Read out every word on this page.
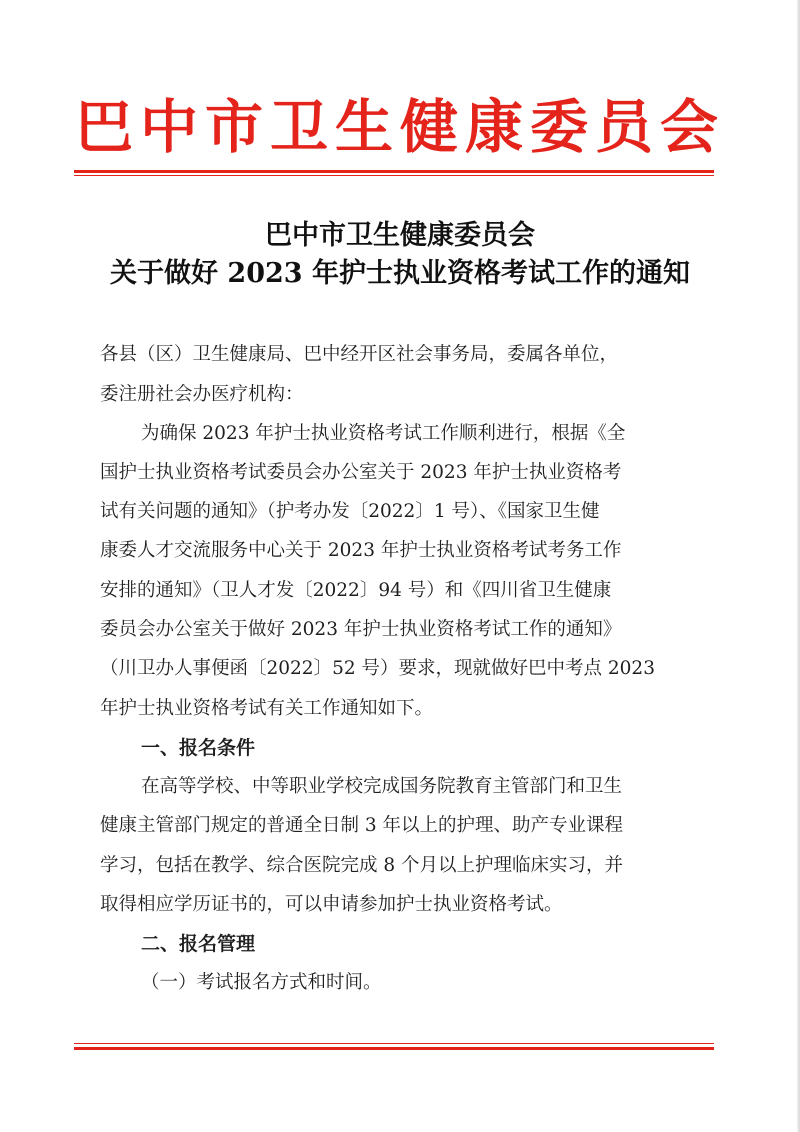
巴中市卫生健康委员会
巴中市卫生健康委员会
关于做好 2023 年护士执业资格考试工作的通知
各县（区）卫生健康局、巴中经开区社会事务局，委属各单位，
委注册社会办医疗机构：
为确保 2023 年护士执业资格考试工作顺利进行，根据《全
国护士执业资格考试委员会办公室关于 2023 年护士执业资格考
试有关问题的通知》（护考办发〔2022〕1 号）、《国家卫生健
康委人才交流服务中心关于 2023 年护士执业资格考试考务工作
安排的通知》（卫人才发〔2022〕94 号）和《四川省卫生健康
委员会办公室关于做好 2023 年护士执业资格考试工作的通知》
（川卫办人事便函〔2022〕52 号）要求，现就做好巴中考点 2023
年护士执业资格考试有关工作通知如下。
一、报名条件
在高等学校、中等职业学校完成国务院教育主管部门和卫生
健康主管部门规定的普通全日制 3 年以上的护理、助产专业课程
学习，包括在教学、综合医院完成 8 个月以上护理临床实习，并
取得相应学历证书的，可以申请参加护士执业资格考试。
二、报名管理
（一）考试报名方式和时间。
